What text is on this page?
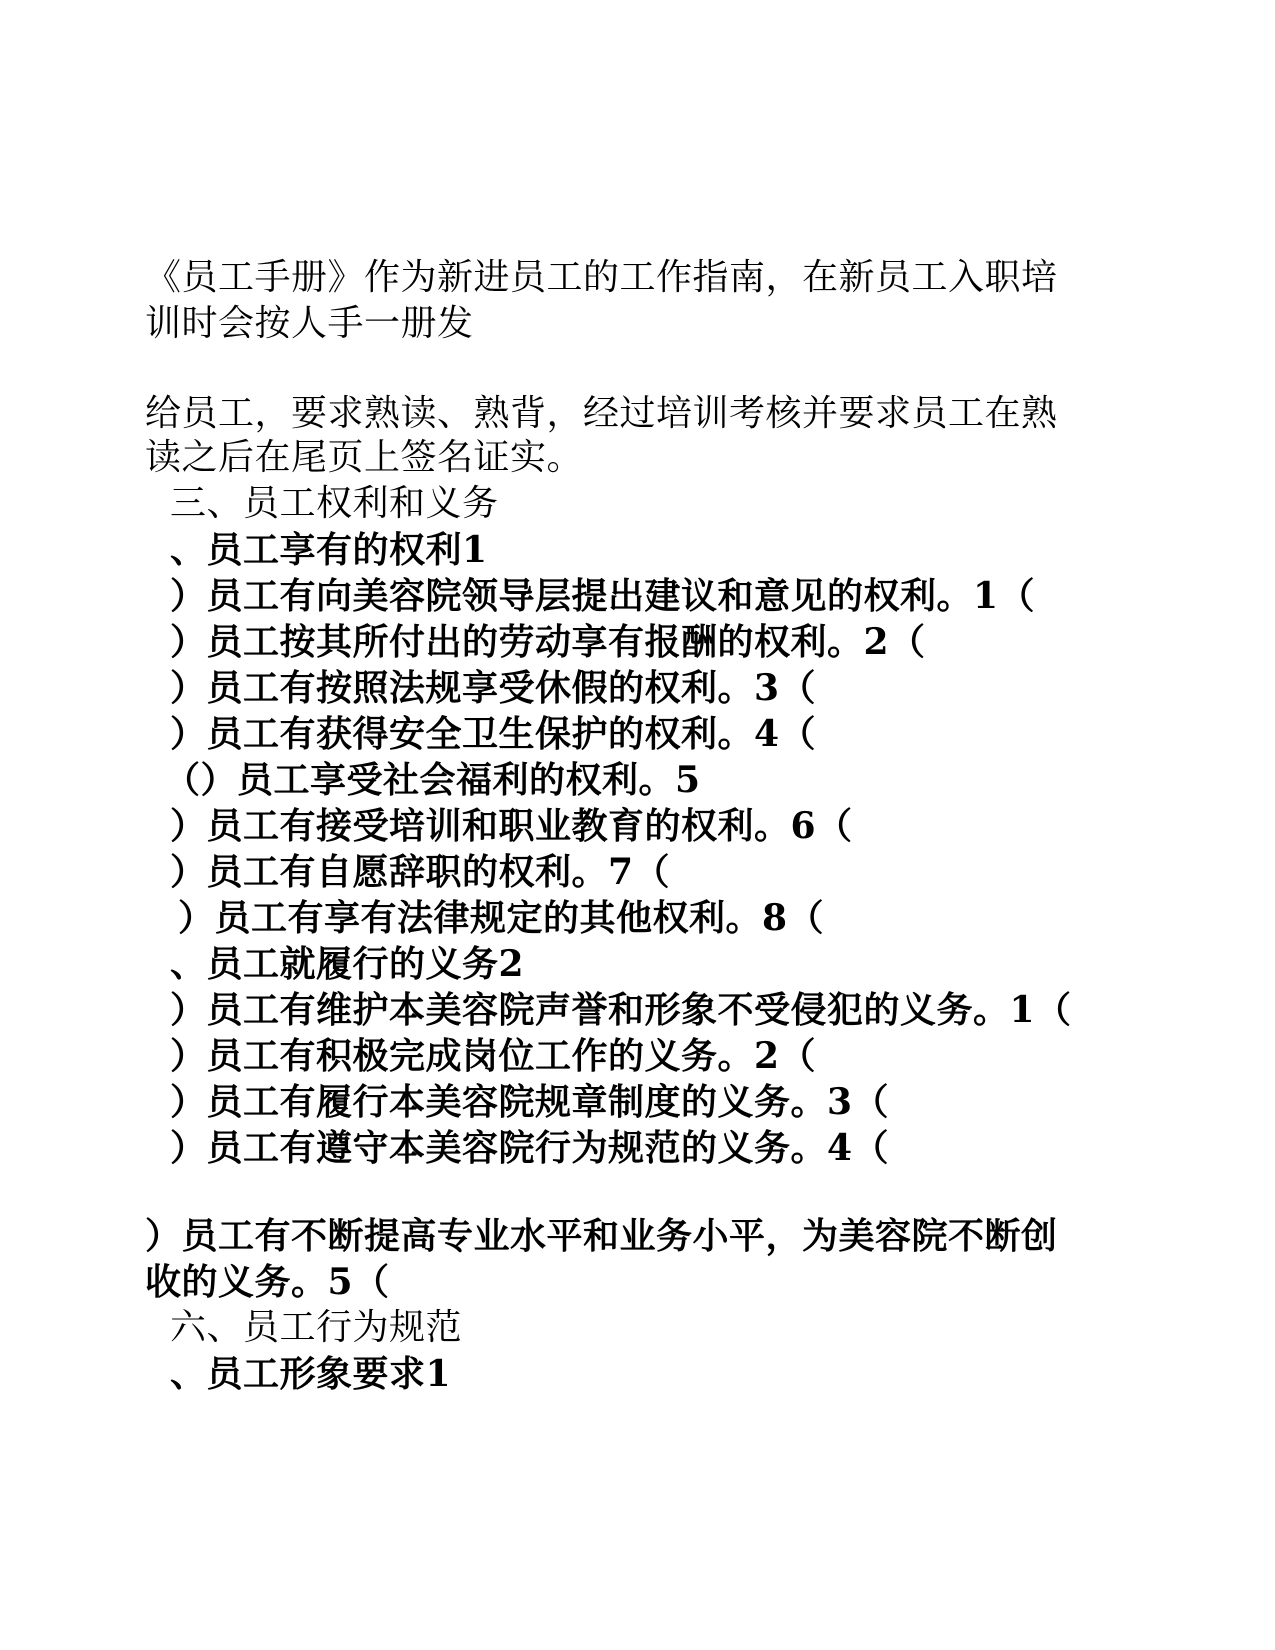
《员工手册》作为新进员工的工作指南，在新员工入职培
训时会按人手一册发
给员工，要求熟读、熟背，经过培训考核并要求员工在熟
读之后在尾页上签名证实。
三、员工权利和义务
、员工享有的权利1
）员工有向美容院领导层提出建议和意见的权利。1（
）员工按其所付出的劳动享有报酬的权利。2（
）员工有按照法规享受休假的权利。3（
）员工有获得安全卫生保护的权利。4（
（）员工享受社会福利的权利。5
）员工有接受培训和职业教育的权利。6（
）员工有自愿辞职的权利。7（
）员工有享有法律规定的其他权利。8（
、员工就履行的义务2
）员工有维护本美容院声誉和形象不受侵犯的义务。1（
）员工有积极完成岗位工作的义务。2（
）员工有履行本美容院规章制度的义务。3（
）员工有遵守本美容院行为规范的义务。4（
）员工有不断提高专业水平和业务小平，为美容院不断创
收的义务。5（
六、员工行为规范
、员工形象要求1
